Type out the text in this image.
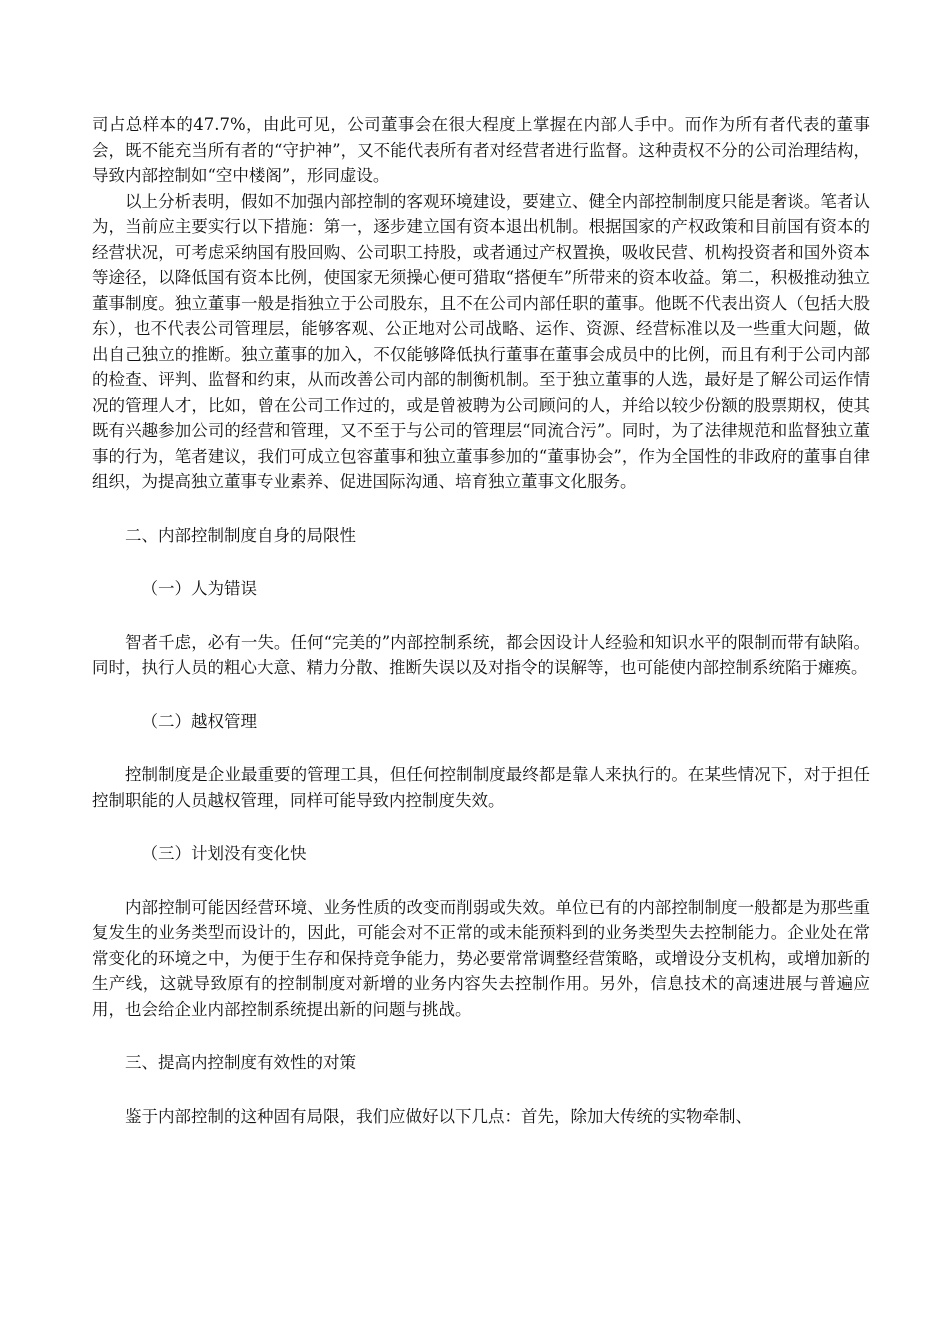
司占总样本的47.7%，由此可见，公司董事会在很大程度上掌握在内部人手中。而作为所有者代表的董事会，既不能充当所有者的“守护神”，又不能代表所有者对经营者进行监督。这种责权不分的公司治理结构，导致内部控制如“空中楼阁”，形同虚设。

以上分析表明，假如不加强内部控制的客观环境建设，要建立、健全内部控制制度只能是奢谈。笔者认为，当前应主要实行以下措施：第一，逐步建立国有资本退出机制。根据国家的产权政策和目前国有资本的经营状况，可考虑采纳国有股回购、公司职工持股，或者通过产权置换，吸收民营、机构投资者和国外资本等途径，以降低国有资本比例，使国家无须操心便可猎取“搭便车”所带来的资本收益。第二，积极推动独立董事制度。独立董事一般是指独立于公司股东，且不在公司内部任职的董事。他既不代表出资人（包括大股东），也不代表公司管理层，能够客观、公正地对公司战略、运作、资源、经营标准以及一些重大问题，做出自己独立的推断。独立董事的加入，不仅能够降低执行董事在董事会成员中的比例，而且有利于公司内部的检查、评判、监督和约束，从而改善公司内部的制衡机制。至于独立董事的人选，最好是了解公司运作情况的管理人才，比如，曾在公司工作过的，或是曾被聘为公司顾问的人，并给以较少份额的股票期权，使其既有兴趣参加公司的经营和管理，又不至于与公司的管理层“同流合污”。同时，为了法律规范和监督独立董事的行为，笔者建议，我们可成立包容董事和独立董事参加的“董事协会”，作为全国性的非政府的董事自律组织，为提高独立董事专业素养、促进国际沟通、培育独立董事文化服务。

二、内部控制制度自身的局限性

（一）人为错误

智者千虑，必有一失。任何“完美的”内部控制系统，都会因设计人经验和知识水平的限制而带有缺陷。同时，执行人员的粗心大意、精力分散、推断失误以及对指令的误解等，也可能使内部控制系统陷于瘫痪。

（二）越权管理

控制制度是企业最重要的管理工具，但任何控制制度最终都是靠人来执行的。在某些情况下，对于担任控制职能的人员越权管理，同样可能导致内控制度失效。

（三）计划没有变化快

内部控制可能因经营环境、业务性质的改变而削弱或失效。单位已有的内部控制制度一般都是为那些重复发生的业务类型而设计的，因此，可能会对不正常的或未能预料到的业务类型失去控制能力。企业处在常常变化的环境之中，为便于生存和保持竞争能力，势必要常常调整经营策略，或增设分支机构，或增加新的生产线，这就导致原有的控制制度对新增的业务内容失去控制作用。另外，信息技术的高速进展与普遍应用，也会给企业内部控制系统提出新的问题与挑战。

三、提高内控制度有效性的对策

鉴于内部控制的这种固有局限，我们应做好以下几点：首先，除加大传统的实物牵制、
